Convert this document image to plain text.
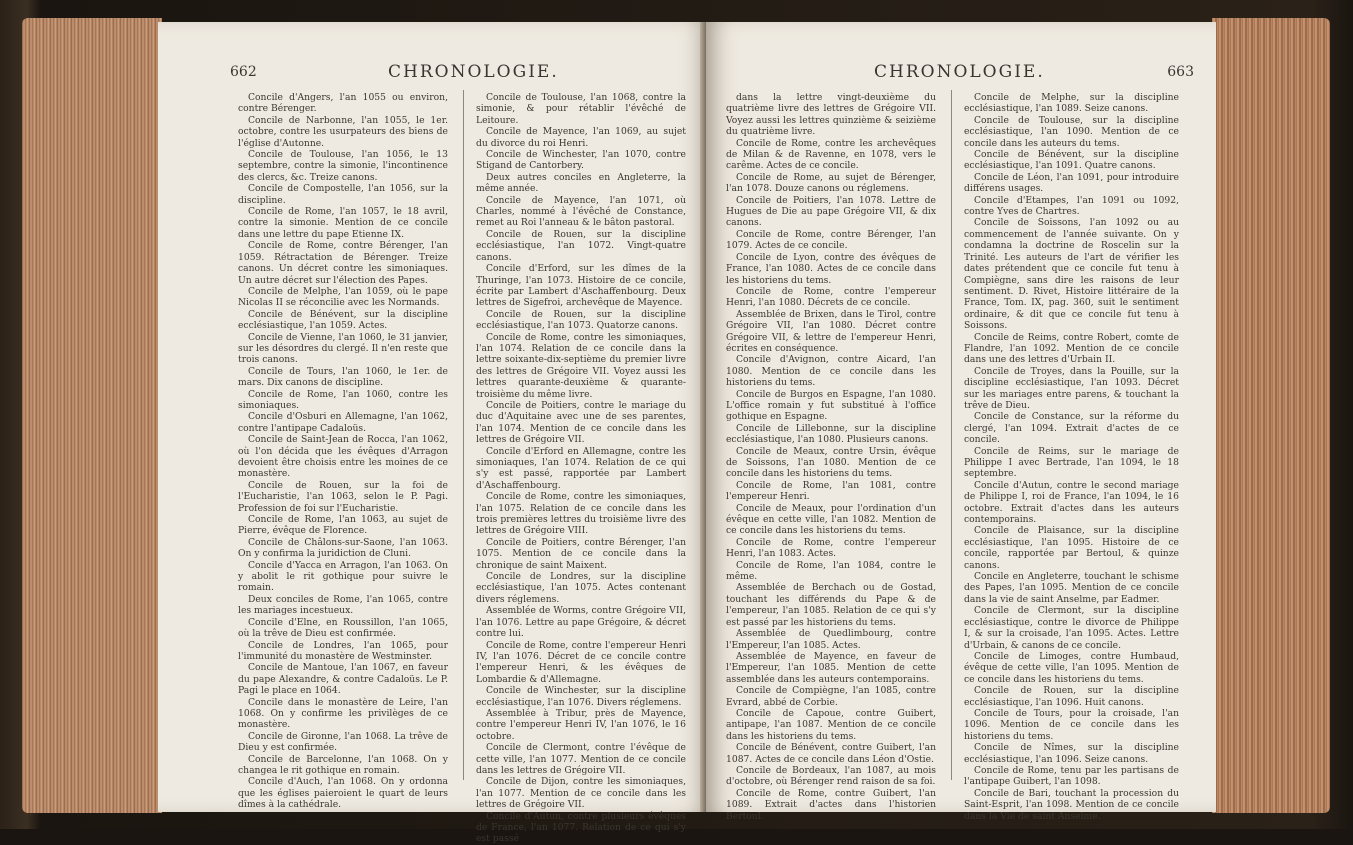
662	CHRONOLOGIE.

Concile d'Angers, l'an 1055 ou environ, contre Bérenger.

Concile de Narbonne, l'an 1055, le 1er. octobre, contre les usurpateurs des biens de l'église d'Autonne.

Concile de Toulouse, l'an 1056, le 13 septembre, contre la simonie, l'incontinence des clercs, &c. Treize canons.

Concile de Compostelle, l'an 1056, sur la discipline.

Concile de Rome, l'an 1057, le 18 avril, contre la simonie. Mention de ce concile dans une lettre du pape Etienne IX.

Concile de Rome, contre Bérenger, l'an 1059. Rétractation de Bérenger. Treize canons. Un décret contre les simoniaques. Un autre décret sur l'élection des Papes.

Concile de Melphe, l'an 1059, où le pape Nicolas II se réconcilie avec les Normands.

Concile de Bénévent, sur la discipline ecclésiastique, l'an 1059. Actes.

Concile de Vienne, l'an 1060, le 31 janvier, sur les désordres du clergé. Il n'en reste que trois canons.

Concile de Tours, l'an 1060, le 1er. de mars. Dix canons de discipline.

Concile de Rome, l'an 1060, contre les simoniaques.

Concile d'Osburi en Allemagne, l'an 1062, contre l'antipape Cadaloüs.

Concile de Saint-Jean de Rocca, l'an 1062, où l'on décida que les évêques d'Arragon devoient être choisis entre les moines de ce monastère.

Concile de Rouen, sur la foi de l'Eucharistie, l'an 1063, selon le P. Pagi. Profession de foi sur l'Eucharistie.

Concile de Rome, l'an 1063, au sujet de Pierre, évêque de Florence.

Concile de Châlons-sur-Saone, l'an 1063. On y confirma la juridiction de Cluni.

Concile d'Yacca en Arragon, l'an 1063. On y abolit le rit gothique pour suivre le romain.

Deux conciles de Rome, l'an 1065, contre les mariages incestueux.

Concile d'Elne, en Roussillon, l'an 1065, où la trêve de Dieu est confirmée.

Concile de Londres, l'an 1065, pour l'immunité du monastère de Westminster.

Concile de Mantoue, l'an 1067, en faveur du pape Alexandre, & contre Cadaloüs. Le P. Pagi le place en 1064.

Concile dans le monastère de Leire, l'an 1068. On y confirme les privilèges de ce monastère.

Concile de Gironne, l'an 1068. La trêve de Dieu y est confirmée.

Concile de Barcelonne, l'an 1068. On y changea le rit gothique en romain.

Concile d'Auch, l'an 1068. On y ordonna que les églises paieroient le quart de leurs dîmes à la cathédrale.

Concile de Toulouse, l'an 1068, contre la simonie, & pour rétablir l'évêché de Leitoure.

Concile de Mayence, l'an 1069, au sujet du divorce du roi Henri.

Concile de Winchester, l'an 1070, contre Stigand de Cantorbery.

Deux autres conciles en Angleterre, la même année.

Concile de Mayence, l'an 1071, où Charles, nommé à l'évêché de Constance, remet au Roi l'anneau & le bâton pastoral.

Concile de Rouen, sur la discipline ecclésiastique, l'an 1072. Vingt-quatre canons.

Concile d'Erford, sur les dîmes de la Thuringe, l'an 1073. Histoire de ce concile, écrite par Lambert d'Aschaffenbourg. Deux lettres de Sigefroi, archevêque de Mayence.

Concile de Rouen, sur la discipline ecclésiastique, l'an 1073. Quatorze canons.

Concile de Rome, contre les simoniaques, l'an 1074. Relation de ce concile dans la lettre soixante-dix-septième du premier livre des lettres de Grégoire VII. Voyez aussi les lettres quarante-deuxième & quarante-troisième du même livre.

Concile de Poitiers, contre le mariage du duc d'Aquitaine avec une de ses parentes, l'an 1074. Mention de ce concile dans les lettres de Grégoire VII.

Concile d'Erford en Allemagne, contre les simoniaques, l'an 1074. Relation de ce qui s'y est passé, rapportée par Lambert d'Aschaffenbourg.

Concile de Rome, contre les simoniaques, l'an 1075. Relation de ce concile dans les trois premières lettres du troisième livre des lettres de Grégoire VIII.

Concile de Poitiers, contre Bérenger, l'an 1075. Mention de ce concile dans la chronique de saint Maixent.

Concile de Londres, sur la discipline ecclésiastique, l'an 1075. Actes contenant divers réglemens.

Assemblée de Worms, contre Grégoire VII, l'an 1076. Lettre au pape Grégoire, & décret contre lui.

Concile de Rome, contre l'empereur Henri IV, l'an 1076. Décret de ce concile contre l'empereur Henri, & les évêques de Lombardie & d'Allemagne.

Concile de Winchester, sur la discipline ecclésiastique, l'an 1076. Divers réglemens.

Assemblée à Tribur, près de Mayence, contre l'empereur Henri IV, l'an 1076, le 16 octobre.

Concile de Clermont, contre l'évêque de cette ville, l'an 1077. Mention de ce concile dans les lettres de Grégoire VII.

Concile de Dijon, contre les simoniaques, l'an 1077. Mention de ce concile dans les lettres de Grégoire VII.

Concile d'Autun, contre plusieurs évêques de France, l'an 1077. Relation de ce qui s'y est passé

CHRONOLOGIE.	663

dans la lettre vingt-deuxième du quatrième livre des lettres de Grégoire VII. Voyez aussi les lettres quinzième & seizième du quatrième livre.

Concile de Rome, contre les archevêques de Milan & de Ravenne, en 1078, vers le carême. Actes de ce concile.

Concile de Rome, au sujet de Bérenger, l'an 1078. Douze canons ou réglemens.

Concile de Poitiers, l'an 1078. Lettre de Hugues de Die au pape Grégoire VII, & dix canons.

Concile de Rome, contre Bérenger, l'an 1079. Actes de ce concile.

Concile de Lyon, contre des évêques de France, l'an 1080. Actes de ce concile dans les historiens du tems.

Concile de Rome, contre l'empereur Henri, l'an 1080. Décrets de ce concile.

Assemblée de Brixen, dans le Tirol, contre Grégoire VII, l'an 1080. Décret contre Grégoire VII, & lettre de l'empereur Henri, écrites en conséquence.

Concile d'Avignon, contre Aicard, l'an 1080. Mention de ce concile dans les historiens du tems.

Concile de Burgos en Espagne, l'an 1080. L'office romain y fut substitué à l'office gothique en Espagne.

Concile de Lillebonne, sur la discipline ecclésiastique, l'an 1080. Plusieurs canons.

Concile de Meaux, contre Ursin, évêque de Soissons, l'an 1080. Mention de ce concile dans les historiens du tems.

Concile de Rome, l'an 1081, contre l'empereur Henri.

Concile de Meaux, pour l'ordination d'un évêque en cette ville, l'an 1082. Mention de ce concile dans les historiens du tems.

Concile de Rome, contre l'empereur Henri, l'an 1083. Actes.

Concile de Rome, l'an 1084, contre le même.

Assemblée de Berchach ou de Gostad, touchant les différends du Pape & de l'empereur, l'an 1085. Relation de ce qui s'y est passé par les historiens du tems.

Assemblée de Quedlimbourg, contre l'Empereur, l'an 1085. Actes.

Assemblée de Mayence, en faveur de l'Empereur, l'an 1085. Mention de cette assemblée dans les auteurs contemporains.

Concile de Compiègne, l'an 1085, contre Evrard, abbé de Corbie.

Concile de Capoue, contre Guibert, antipape, l'an 1087. Mention de ce concile dans les historiens du tems.

Concile de Bénévent, contre Guibert, l'an 1087. Actes de ce concile dans Léon d'Ostie.

Concile de Bordeaux, l'an 1087, au mois d'octobre, où Bérenger rend raison de sa foi.

Concile de Rome, contre Guibert, l'an 1089. Extrait d'actes dans l'historien Bertoul.

Concile de Melphe, sur la discipline ecclésiastique, l'an 1089. Seize canons.

Concile de Toulouse, sur la discipline ecclésiastique, l'an 1090. Mention de ce concile dans les auteurs du tems.

Concile de Bénévent, sur la discipline ecclésiastique, l'an 1091. Quatre canons.

Concile de Léon, l'an 1091, pour introduire différens usages.

Concile d'Etampes, l'an 1091 ou 1092, contre Yves de Chartres.

Concile de Soissons, l'an 1092 ou au commencement de l'année suivante. On y condamna la doctrine de Roscelin sur la Trinité. Les auteurs de l'art de vérifier les dates prétendent que ce concile fut tenu à Compiègne, sans dire les raisons de leur sentiment. D. Rivet, Histoire littéraire de la France, Tom. IX, pag. 360, suit le sentiment ordinaire, & dit que ce concile fut tenu à Soissons.

Concile de Reims, contre Robert, comte de Flandre, l'an 1092. Mention de ce concile dans une des lettres d'Urbain II.

Concile de Troyes, dans la Pouille, sur la discipline ecclésiastique, l'an 1093. Décret sur les mariages entre parens, & touchant la trêve de Dieu.

Concile de Constance, sur la réforme du clergé, l'an 1094. Extrait d'actes de ce concile.

Concile de Reims, sur le mariage de Philippe I avec Bertrade, l'an 1094, le 18 septembre.

Concile d'Autun, contre le second mariage de Philippe I, roi de France, l'an 1094, le 16 octobre. Extrait d'actes dans les auteurs contemporains.

Concile de Plaisance, sur la discipline ecclésiastique, l'an 1095. Histoire de ce concile, rapportée par Bertoul, & quinze canons.

Concile en Angleterre, touchant le schisme des Papes, l'an 1095. Mention de ce concile dans la vie de saint Anselme, par Eadmer.

Concile de Clermont, sur la discipline ecclésiastique, contre le divorce de Philippe I, & sur la croisade, l'an 1095. Actes. Lettre d'Urbain, & canons de ce concile.

Concile de Limoges, contre Humbaud, évêque de cette ville, l'an 1095. Mention de ce concile dans les historiens du tems.

Concile de Rouen, sur la discipline ecclésiastique, l'an 1096. Huit canons.

Concile de Tours, pour la croisade, l'an 1096. Mention de ce concile dans les historiens du tems.

Concile de Nîmes, sur la discipline ecclésiastique, l'an 1096. Seize canons.

Concile de Rome, tenu par les partisans de l'antipape Guibert, l'an 1098.

Concile de Bari, touchant la procession du Saint-Esprit, l'an 1098. Mention de ce concile dans la Vie de saint Anselme.
